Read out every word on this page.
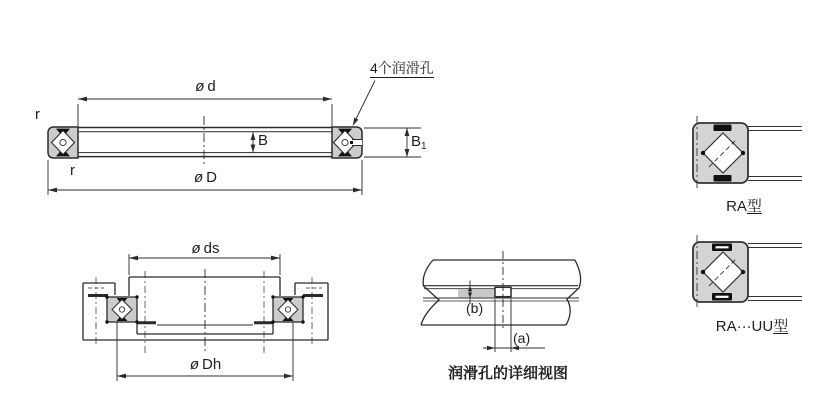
4个润滑孔
ø d
ø D
B	$B_1$
r
r
ø ds
ø Dh
(b)
(a)
润滑孔的详细视图
RA型
RA···UU型
